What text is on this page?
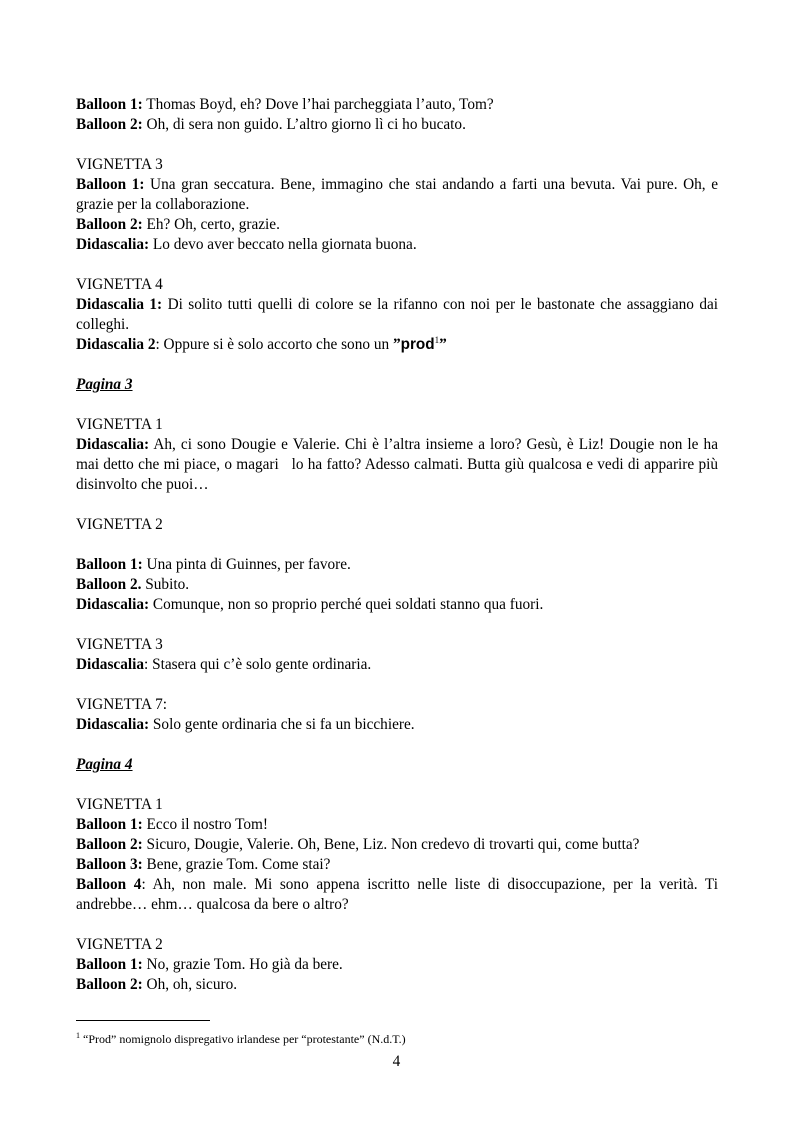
Balloon 1: Thomas Boyd, eh? Dove l’hai parcheggiata l’auto, Tom?
Balloon 2: Oh, di sera non guido. L’altro giorno lì ci ho bucato.
VIGNETTA 3
Balloon 1: Una gran seccatura. Bene, immagino che stai andando a farti una bevuta. Vai pure. Oh, e grazie per la collaborazione.
Balloon 2: Eh? Oh, certo, grazie.
Didascalia: Lo devo aver beccato nella giornata buona.
VIGNETTA 4
Didascalia 1: Di solito tutti quelli di colore se la rifanno con noi per le bastonate che assaggiano dai colleghi.
Didascalia 2: Oppure si è solo accorto che sono un ”prod$^1$”
Pagina 3
VIGNETTA 1
Didascalia: Ah, ci sono Dougie e Valerie. Chi è l’altra insieme a loro? Gesù, è Liz! Dougie non le ha mai detto che mi piace, o magari   lo ha fatto? Adesso calmati. Butta giù qualcosa e vedi di apparire più disinvolto che puoi…
VIGNETTA 2
Balloon 1: Una pinta di Guinnes, per favore.
Balloon 2. Subito.
Didascalia: Comunque, non so proprio perché quei soldati stanno qua fuori.
VIGNETTA 3
Didascalia: Stasera qui c’è solo gente ordinaria.
VIGNETTA 7:
Didascalia: Solo gente ordinaria che si fa un bicchiere.
Pagina 4
VIGNETTA 1
Balloon 1: Ecco il nostro Tom!
Balloon 2: Sicuro, Dougie, Valerie. Oh, Bene, Liz. Non credevo di trovarti qui, come butta?
Balloon 3: Bene, grazie Tom. Come stai?
Balloon 4: Ah, non male. Mi sono appena iscritto nelle liste di disoccupazione, per la verità. Ti andrebbe… ehm… qualcosa da bere o altro?
VIGNETTA 2
Balloon 1: No, grazie Tom. Ho già da bere.
Balloon 2: Oh, oh, sicuro.
$^1$ “Prod” nomignolo dispregativo irlandese per “protestante” (N.d.T.)
4
